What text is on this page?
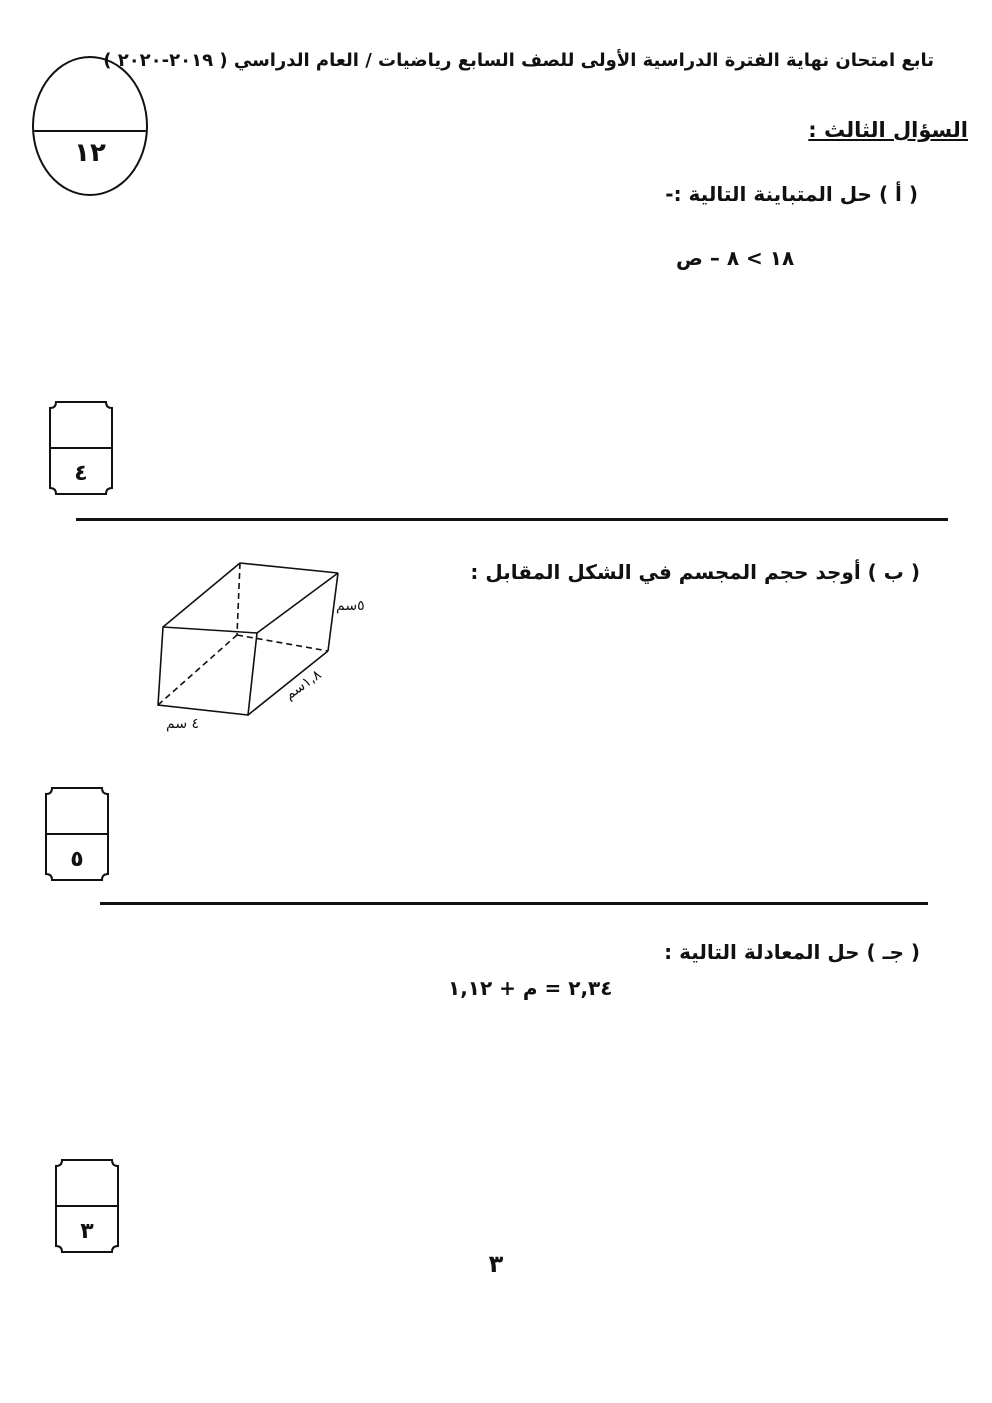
تابع امتحان نهاية الفترة الدراسية الأولى للصف السابع رياضيات / العام الدراسي ( ٢٠١٩-٢٠٢٠ )
١٢
السؤال الثالث :
( أ ) حل المتباينة التالية :-
١٨ > ٨ – ص
٤
( ب ) أوجد حجم المجسم في الشكل المقابل :
٥سم
١,٨سم
٤ سم
٥
( جـ ) حل المعادلة التالية :
٢,٣٤ = م + ١,١٢
٣
٣
